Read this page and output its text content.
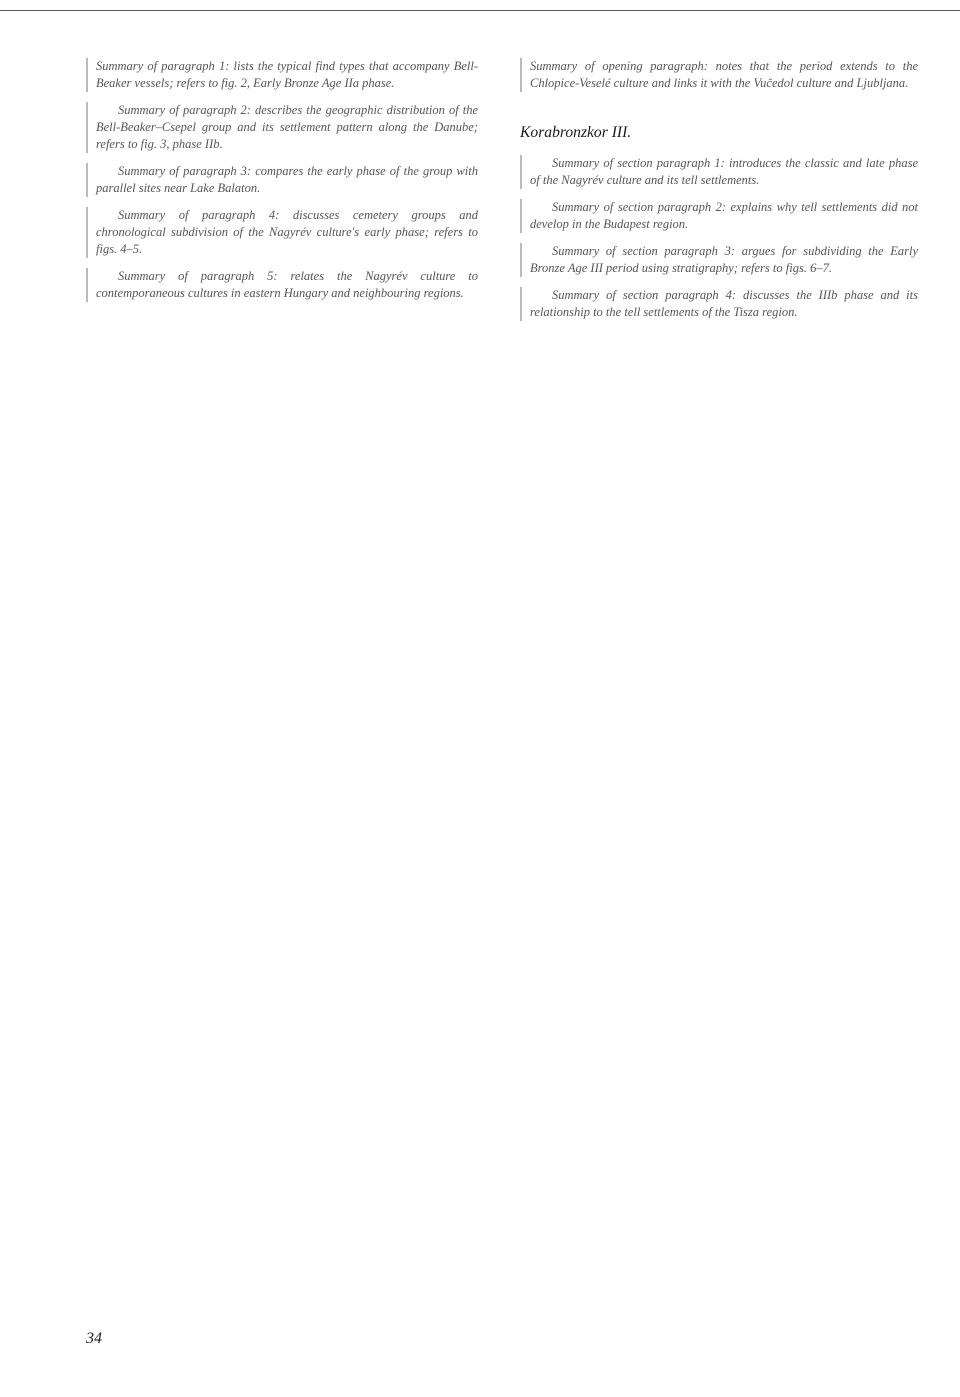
Summary of paragraph 1: lists the typical find types that accompany Bell-Beaker vessels; refers to fig. 2, Early Bronze Age IIa phase.

Summary of paragraph 2: describes the geographic distribution of the Bell-Beaker–Csepel group and its settlement pattern along the Danube; refers to fig. 3, phase IIb.

Summary of paragraph 3: compares the early phase of the group with parallel sites near Lake Balaton.

Summary of paragraph 4: discusses cemetery groups and chronological subdivision of the Nagyrév culture's early phase; refers to figs. 4–5.

Summary of paragraph 5: relates the Nagyrév culture to contemporaneous cultures in eastern Hungary and neighbouring regions.

Summary of opening paragraph: notes that the period extends to the Chlopice-Veselé culture and links it with the Vučedol culture and Ljubljana.

Korabronzkor III.

Summary of section paragraph 1: introduces the classic and late phase of the Nagyrév culture and its tell settlements.

Summary of section paragraph 2: explains why tell settlements did not develop in the Budapest region.

Summary of section paragraph 3: argues for subdividing the Early Bronze Age III period using stratigraphy; refers to figs. 6–7.

Summary of section paragraph 4: discusses the IIIb phase and its relationship to the tell settlements of the Tisza region.

34
